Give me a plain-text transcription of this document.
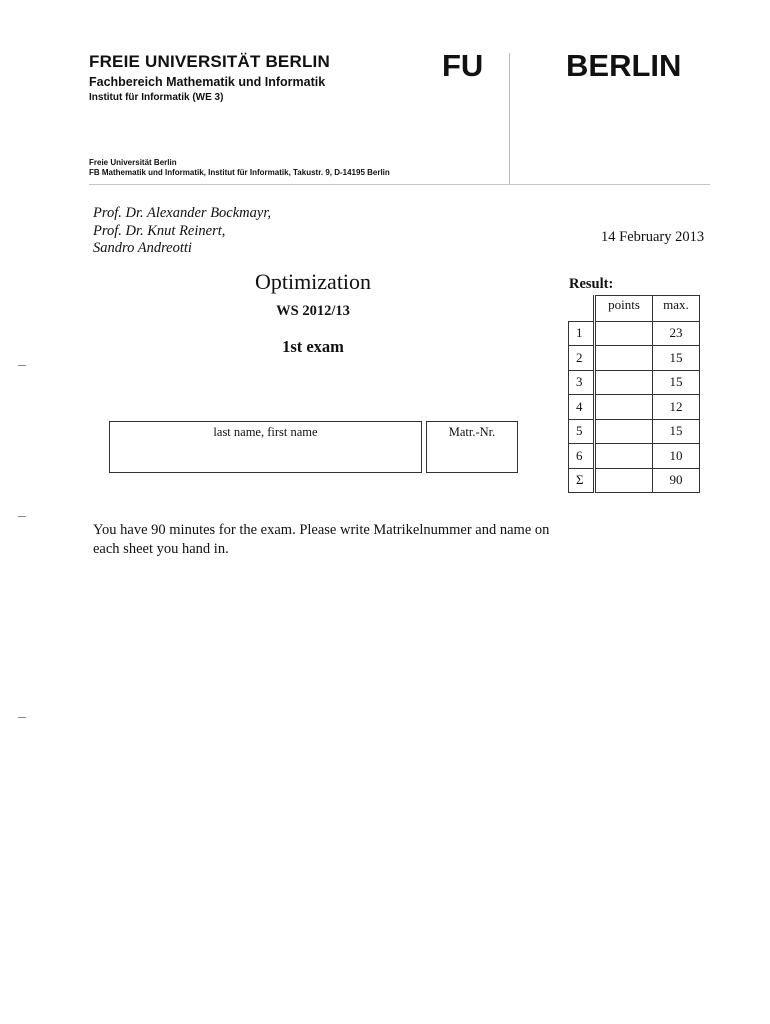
FREIE UNIVERSITÄT BERLIN
Fachbereich Mathematik und Informatik
Institut für Informatik (WE 3)
FU	BERLIN
Freie Universität Berlin
FB Mathematik und Informatik, Institut für Informatik, Takustr. 9, D-14195 Berlin
Prof. Dr. Alexander Bockmayr,
Prof. Dr. Knut Reinert,
Sandro Andreotti
14 February 2013
Optimization
WS 2012/13
1st exam
last name, first name	Matr.-Nr.
You have 90 minutes for the exam. Please write Matrikelnummer and name on each sheet you hand in.
Result:
	points	max.
1		23
2		15
3		15
4		12
5		15
6		10
Σ		90
